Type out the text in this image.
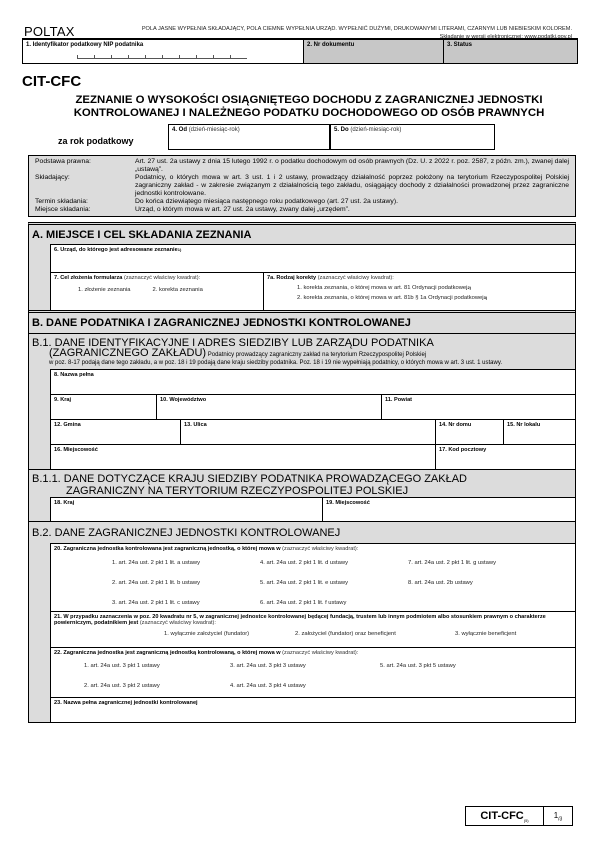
POLTAX	POLA JASNE WYPEŁNIA SKŁADAJĄCY, POLA CIEMNE WYPEŁNIA URZĄD. WYPEŁNIĆ DUŻYMI, DRUKOWANYMI LITERAMI, CZARNYM LUB NIEBIESKIM KOLOREM.
Składanie w wersji elektronicznej: www.podatki.gov.pl
1. Identyfikator podatkowy NIP podatnika	2. Nr dokumentu	3. Status
CIT-CFC
ZEZNANIE O WYSOKOŚCI OSIĄGNIĘTEGO DOCHODU Z ZAGRANICZNEJ JEDNOSTKI
KONTROLOWANEJ I NALEŻNEGO PODATKU DOCHODOWEGO OD OSÓB PRAWNYCH
za rok podatkowy
4. Od (dzień-miesiąc-rok)	5. Do (dzień-miesiąc-rok)
Podstawa prawna:	Art. 27 ust. 2a ustawy z dnia 15 lutego 1992 r. o podatku dochodowym od osób prawnych (Dz. U. z 2022 r. poz. 2587, z późn. zm.), zwanej dalej „ustawą”.
Składający:	Podatnicy, o których mowa w art. 3 ust. 1 i 2 ustawy, prowadzący działalność poprzez położony na terytorium Rzeczypospolitej Polskiej zagraniczny zakład - w zakresie związanym z działalnością tego zakładu, osiągający dochody z działalności prowadzonej przez zagraniczne jednostki kontrolowane.
Termin składania:	Do końca dziewiątego miesiąca następnego roku podatkowego (art. 27 ust. 2a ustawy).
Miejsce składania:	Urząd, o którym mowa w art. 27 ust. 2a ustawy, zwany dalej „urzędem”.
A. MIEJSCE I CEL SKŁADANIA ZEZNANIA
6. Urząd, do którego jest adresowane zeznanie$^{1)}$
7. Cel złożenia formularza (zaznaczyć właściwy kwadrat):
1. złożenie zeznania	2. korekta zeznania
7a. Rodzaj korekty (zaznaczyć właściwy kwadrat):
1. korekta zeznania, o której mowa w art. 81 Ordynacji podatkowej$^{2)}$
2. korekta zeznania, o której mowa w art. 81b § 1a Ordynacji podatkowej$^{3)}$
B. DANE PODATNIKA I ZAGRANICZNEJ JEDNOSTKI KONTROLOWANEJ
B.1. DANE IDENTYFIKACYJNE I ADRES SIEDZIBY LUB ZARZĄDU PODATNIKA
(ZAGRANICZNEGO ZAKŁADU) Podatnicy prowadzący zagraniczny zakład na terytorium Rzeczypospolitej Polskiej
w poz. 8-17 podają dane tego zakładu, a w poz. 18 i 19 podają dane kraju siedziby podatnika. Poz. 18 i 19 nie wypełniają podatnicy, o których mowa w art. 3 ust. 1 ustawy.
8. Nazwa pełna
9. Kraj	10. Województwo	11. Powiat
12. Gmina	13. Ulica	14. Nr domu	15. Nr lokalu
16. Miejscowość	17. Kod pocztowy
B.1.1. DANE DOTYCZĄCE KRAJU SIEDZIBY PODATNIKA PROWADZĄCEGO ZAKŁAD
ZAGRANICZNY NA TERYTORIUM RZECZYPOSPOLITEJ POLSKIEJ
18. Kraj	19. Miejscowość
B.2. DANE ZAGRANICZNEJ JEDNOSTKI KONTROLOWANEJ
20. Zagraniczna jednostka kontrolowana jest zagraniczną jednostką, o której mowa w (zaznaczyć właściwy kwadrat):
1. art. 24a ust. 2 pkt 1 lit. a ustawy	4. art. 24a ust. 2 pkt 1 lit. d ustawy	7. art. 24a ust. 2 pkt 1 lit. g ustawy
2. art. 24a ust. 2 pkt 1 lit. b ustawy	5. art. 24a ust. 2 pkt 1 lit. e ustawy	8. art. 24a ust. 2b ustawy
3. art. 24a ust. 2 pkt 1 lit. c ustawy	6. art. 24a ust. 2 pkt 1 lit. f ustawy
21. W przypadku zaznaczenia w poz. 20 kwadratu nr 5, w zagranicznej jednostce kontrolowanej będącej fundacją, trustem lub innym podmiotem albo stosunkiem prawnym o charakterze powierniczym, podatnikiem jest (zaznaczyć właściwy kwadrat):
1. wyłącznie założyciel (fundator)	2. założyciel (fundator) oraz beneficjent	3. wyłącznie beneficjent
22. Zagraniczna jednostka jest zagraniczną jednostką kontrolowaną, o której mowa w (zaznaczyć właściwy kwadrat):
1. art. 24a ust. 3 pkt 1 ustawy	3. art. 24a ust. 3 pkt 3 ustawy	5. art. 24a ust. 3 pkt 5 ustawy
2. art. 24a ust. 3 pkt 2 ustawy	4. art. 24a ust. 3 pkt 4 ustawy
23. Nazwa pełna zagranicznej jednostki kontrolowanej
CIT-$CFC_{(5)}$
$1_{/3}$
